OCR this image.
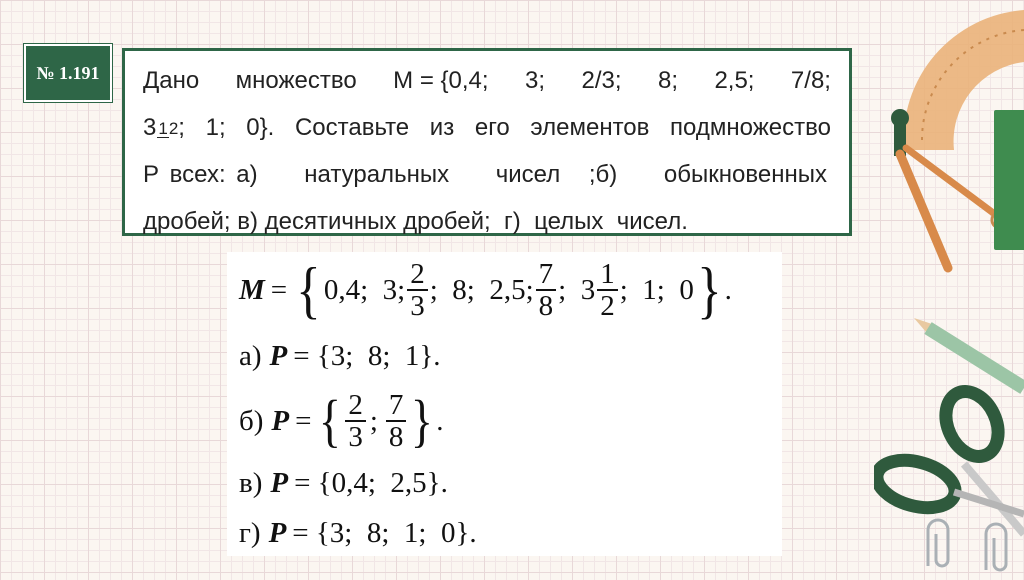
№ 1.191 Дано множество M = {0,4; 3; 2/3; 8; 2,5; 7/8;
3 12; 1; 0}. Составьте из его элементов подмножество
P всех: а) натуральных чисел ;б) обыкновенных
дробей; в) десятичных дробей;  г)  целых  чисел.
M = { 0,4;  3; $\frac{2}{3}$ ;  8;  2,5; $\frac{7}{8}$ ;  $3 \frac{1}{2}$ ;  1;  0 } .
а) P = {3;  8;  1}.
б) P = { $\frac{2}{3}$ ; $\frac{7}{8}$ } .
в) P = {0,4;  2,5}.
г) P = {3;  8;  1;  0}.
